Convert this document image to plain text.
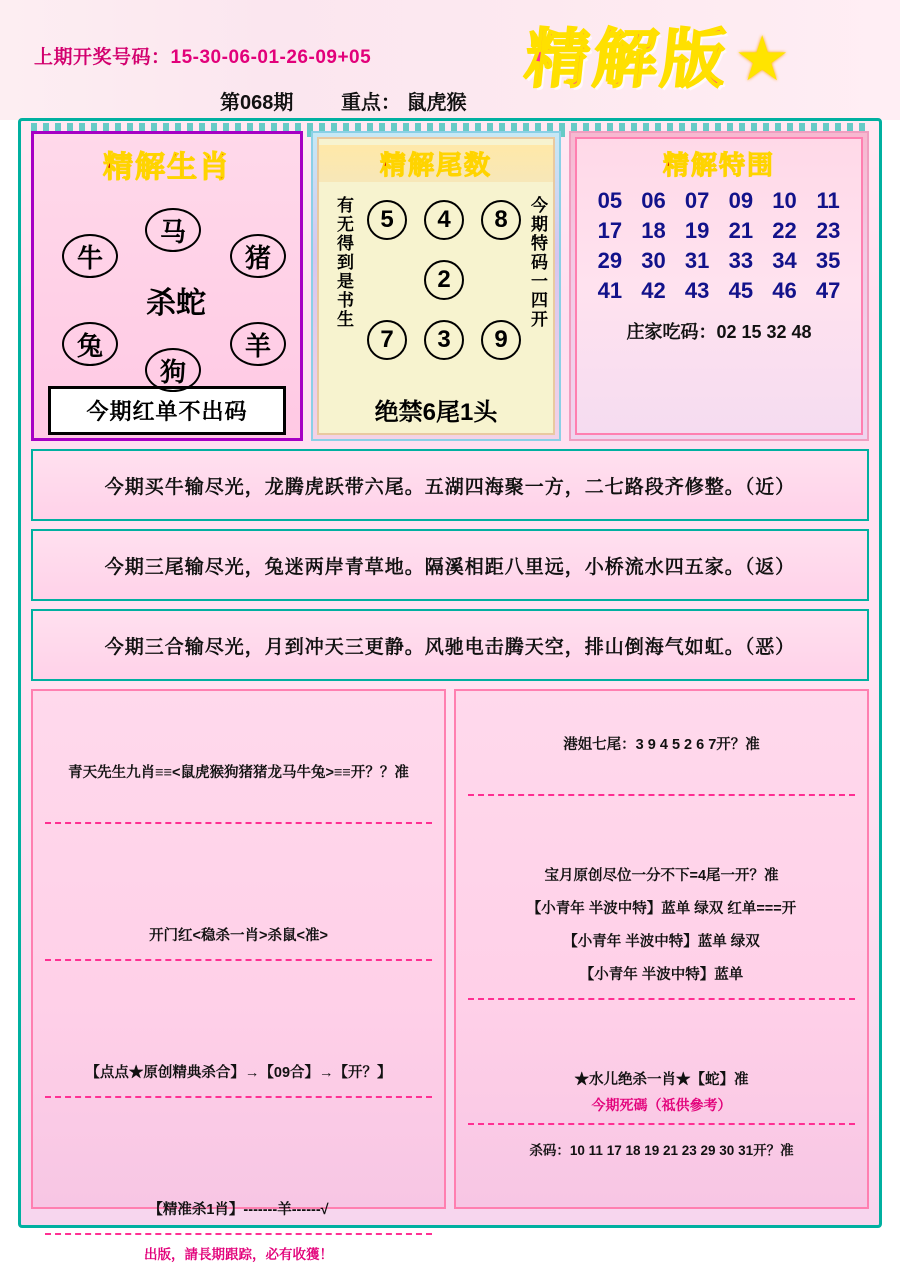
上期开奖号码：15-30-06-01-26-09+05
第068期 重点： 鼠虎猴
精解版 ★
精解生肖
牛
马
猪
杀蛇
兔
狗
羊
今期红单不出码
精解尾数
有无得到是书生	今期特码一四开
5	4	8
2
7	3	9
绝禁6尾1头
精解特围
05 06 07 09 10 11
17 18 19 21 22 23
29 30 31 33 34 35
41 42 43 45 46 47
庄家吃码：02 15 32 48
今期买牛输尽光，龙腾虎跃带六尾。五湖四海聚一方，二七路段齐修整。（近）
今期三尾输尽光，兔迷两岸青草地。隔溪相距八里远，小桥流水四五家。（返）
今期三合输尽光，月到冲天三更静。风驰电击腾天空，排山倒海气如虹。（恶）
青天先生九肖≡≡<鼠虎猴狗猪猪龙马牛兔>≡≡开？？准
开门红<稳杀一肖>杀鼠<准>
【点点★原创精典杀合】→【09合】→【开？】
【精准杀1肖】-------羊------√
出版，請長期跟踪，必有收獲！
港姐七尾：3 9 4 5 2 6 7开？准
宝月原创尽位一分不下=4尾一开？准
【小青年 半波中特】蓝单 绿双 红单===开
【小青年 半波中特】蓝单 绿双
【小青年 半波中特】蓝单
★水儿绝杀一肖★【蛇】准
今期死碼（祗供參考）
杀码：10 11 17 18 19 21 23 29 30 31开？准
